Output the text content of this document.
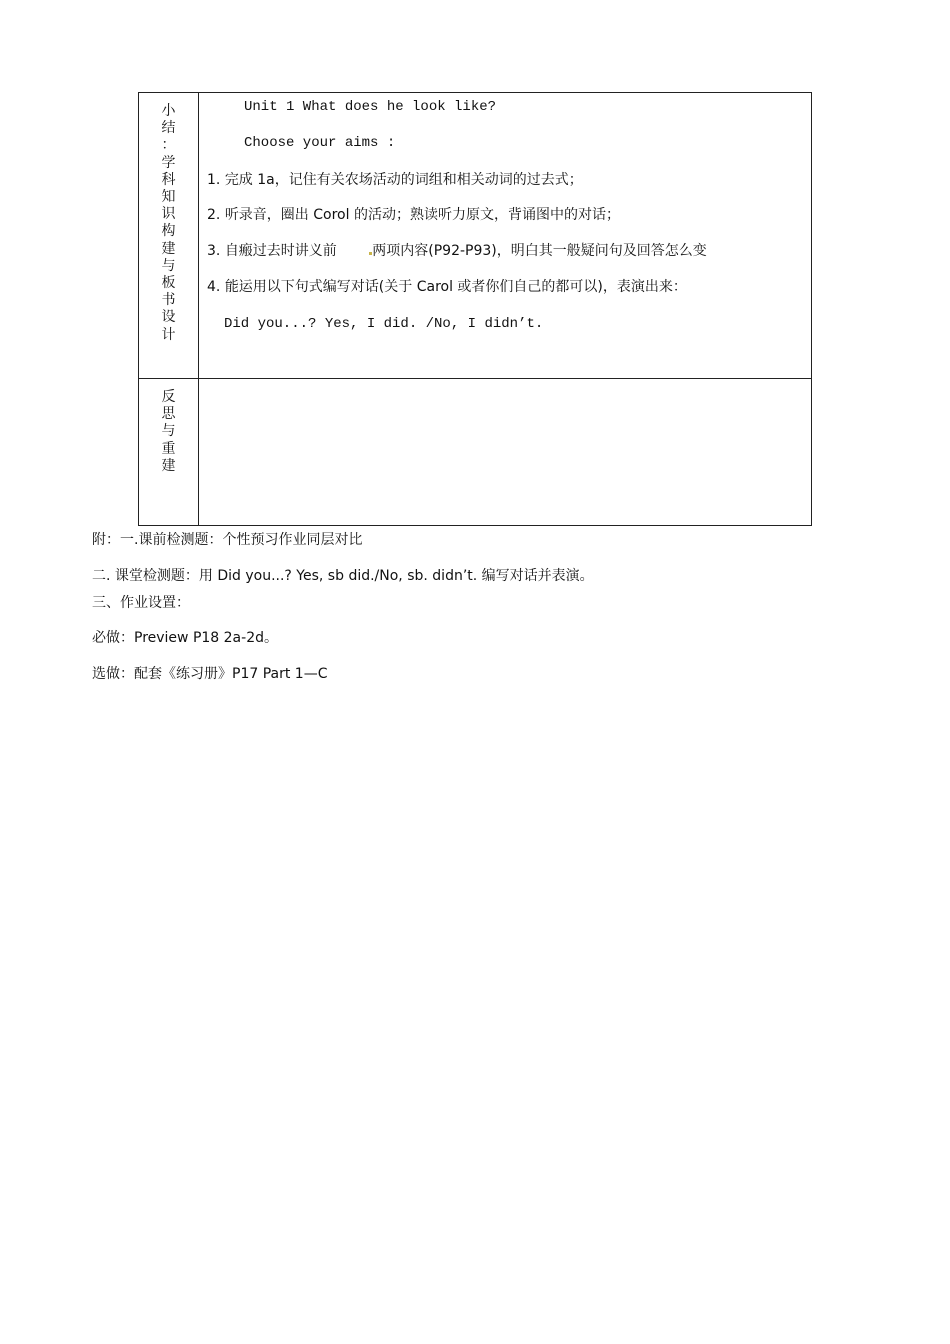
小
结
：
学
科
知
识
构
建
与
板
书
设
计
Unit 1 What does he look like?
Choose your aims :
1. 完成 1a，记住有关农场活动的词组和相关动词的过去式；
2. 听录音，圈出 Corol 的活动；熟读听力原文，背诵图中的对话；
3. 自瘢过去时讲义前	两项内容(P92-P93)，明白其一般疑问句及回答怎么变
4. 能运用以下句式编写对话(关于 Carol 或者你们自己的都可以)，表演出来：
Did you...? Yes, I did. /No, I didn’t.
反
思
与
重
建
附：一.课前检测题：个性预习作业同层对比
二. 课堂检测题：用 Did you...? Yes, sb did./No, sb. didn’t. 编写对话并表演。
三、作业设置：
必做：Preview P18 2a-2d。
选做：配套《练习册》P17 Part 1—C
